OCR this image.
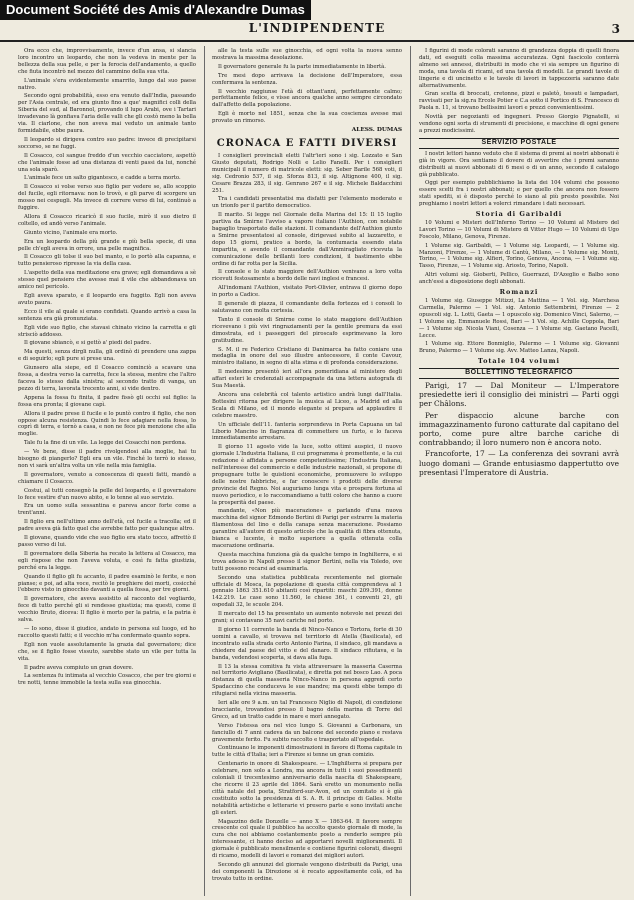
Document Société des Amis d'Alexandre Dumas
L'INDIPENDENTE	3

Ora ecco che, improvvisamente, invece d'un ansa, si slancia loro incontro un leopardo, che non la vedeva in mente per la bellezza della sua pelle, e per la ferocia dell'andamento, a quello che fiuta incontrò nel mezzo del cammino della sua vita.

L'animale s'era evidentemente smarrito, lungo dal suo paese nativo.

Secondo ogni probabilità, esso era venuto dall'India, passando per l'Asia centrale, ed era giunto fino a que' magnifici colli della Siberia del sud, al Baronnol, provando il lupo Arabi, ove i Tartari invadevano là gonfiava l'aria delle valli che gli costò meno la bella via. Il ciarlone, che non aveva mai veduto un animale tanto formidabile, ebbe paura.

Il leopardo si dirigeva contro suo padre: invece di precipitarsi soccorso, se ne fuggi.

Il Cosacco, col sangue freddo d'un vecchio cacciatore, aspettò che l'animale fosse ad una distanza di venti passi da lui, nonché una sola sparò.

L'animale fece un salto gigantesco, e cadde a terra morto.

Il Cosacco si volse verso suo figlio per vedere se, allo scoppio del fucile, egli ritornava: non lo trovò, e gli parve di scorgere un mosso nei cespugli. Ma invece di correre verso di lui, continuò a fuggire.

Allora il Cosacco ricaricò il suo fucile, mirò il suo dietro il coltello, ed andò verso l'animale.

Giunto vicino, l'animale era morto.

Era un leopardo della più grande e più bella specie, di una pelle ch'egli aveva in orrore, una pelle magnifica.

Il Cosacco gli tolse il suo bel manto, e lo portò alla capanna, e tutto pensieroso ripresse la via della casa.

L'aspetto della sua meditazione era grave; egli domandava a sè stesso quel pensiero che avesse mai il vile che abbandonava un amico nel pericolo.

Egli aveva sparato, e il leopardo era fuggito. Egli non aveva avuto paura.

Ecco il vile al quale si erano confidati. Quando arrivò a casa la sentenza era già pronunziata.

Egli vide suo figlio, che stavasi chinato vicino la carretta e gli strisciò addosso.

Il giovane sbiancò, e si gettò a' piedi del padre.

Ma questi, senza dirgli nulla, gli ordinò di prendere una zappa e di seguirlo; egli pure si prese una.

Giunsero alla siepe, ed il Cosacco cominciò a scavare una fossa, a destra verso la carretta, fece la stessa, mentre che l'altro faceva lo stesso dalla sinistra; al secondo tratto di vanga, un pezzo di terra, lavorata trecento anni, si vide dentro.

Appena la fossa fu finita, il padre fissò gli occhi sul figlio: la fossa era pronta; il giovane capì.

Allora il padre prese il fucile e lo puntò contro il figlio, che non oppose alcuna resistenza. Quindi lo fece adagiare nella fossa, lo coprì di terra, e tornò a casa, e non ne fece più menzione che alla moglie.

Tale fu la fine di un vile. La legge dei Cosacchi non perdona.

— Ve bene, disse il padre rivolgendosi alla moglie, hai tu bisogno di piangerlo? Egli era un vile. Finché lo terrò io stesso, non vi sarà un'altra volta un vile nella mia famiglia.

Il governatore, venuto a conoscenza di questi fatti, mandò a chiamare il Cosacco.

Costui, al tutti consegnò la pelle del leopardo, e il governatore lo fece vestire d'un nuovo abito, e lo tenne al suo servizio.

Era un uomo sulla sessantina e pareva ancor forte come a trent'anni.

Il figlio era nell'ultimo anno dell'età, col fucile a tracolla; ed il padre aveva già fatto quel che avrebbe fatto per qualunque altro.

Il giovane, quando vide che suo figlio era stato tocco, affrettò il passo verso di lui.

Il governatore della Siberia ha recato la lettera al Cosacco, ma egli rispose che non l'aveva voluta, e così fu fatta giustizia, perché era la legge.

Quando il figlio gli fu accanto, il padre esaminò le ferite, e non pianse; e poi, ad alta voce, recitò le preghiere dei morti, cosicché l'ebbero visto in ginocchio davanti a quella fossa, per tre giorni.

Il governatore, che aveva assistito al racconto del vegliardo, fece di tutto perché gli si rendesse giustizia; ma questi, come il vecchio Bruto, diceva: Il figlio è morto per la patria, e la patria è salva.

— Io sono, disse il giudice, andato in persona sul luogo, ed ho raccolto questi fatti; e il vecchio m'ha confermato quanto sopra.

Egli non vuole assolutamente la grazia dal governatore; dice che, se il figlio fosse vissuto, sarebbe stato un vile per tutta la vita.

Il padre aveva compiuto un gran dovere.

La sentenza fu intimata al vecchio Cosacco, che per tre giorni e tre notti, tenne immobile la testa sulla sua ginocchia.

alle la testa sulle sue ginocchia, ed ogni volta la nuova senno mostrava la massima desolazione.

Il governatore generale fu la parte immediatamente in libertà.

Tre mesi dopo arrivava la decisione dell'Imperatore, essa confermava la sentenza.

Il vecchio raggiunse l'età di ottant'anni, perfettamente calmo; perfettamente felice, e visse ancora qualche anno sempre circondato dall'affetto della popolazione.

Egli è morto nel 1851, senza che la sua coscienza avesse mai provato un rimorso.

ALESS. DUMAS
CRONACA E FATTI DIVERSI

I consiglieri provinciali eletti l'altr'ieri sono i sig. Lozzato e San Giusto deputati, Rodrigo Nolli e Lelio Fanelli. Per i consiglieri municipali il numero di matricole eletti: sig. Seber Barile 568 voti, il sig. Cedronio 537, il sig. Sforza 813, il sig. Altignone 400, il sig. Cesare Brazza 283, il sig. Genrano 267 e il sig. Michele Baldacchini 251.

Tra i candidati presentatisi ma disfatti per l'elemento moderato e un trionfo per il partito democratico.

Il marito. Si legge nel Giornale della Marina del 15: Il 15 luglio partiva da Smirne l'avviso a vapore italiano l'Authion, con notabile bagaglio trasportato dalle stazioni. Il comandante dell'Authion giunto a Smirne presentatosi al console, dirigevasi subito al lazzaretto, e dopo 15 giorni, pratico a bordo, la contumacia essendo stata impartita, e avendo il comandante dall'Ammiragliato ricevuta la comunicazione delle brillanti loro condizioni, il bastimento ebbe ordine di far rotta per la Sicilia.

Il console e lo stato maggiore dell'Authion venivano a loro volta ricevuti festosamente a bordo delle navi inglesi e francesi.

All'indomani l'Authion, visitato Port-Olivier, entrava il giorno dopo in porto a Cadice.

Il generale di piazza, il comandante della fortezza ed i consoli lo salutavano con molta cortesia.

Tanto il console di Smirne come lo stato maggiore dell'Authion ricevevano i più vivi ringraziamenti per la gentile premura da essi dimostrata, ed i passeggeri del piroscafo esprimevano la loro gratitudine.

S. M. il re Federico Cristiano di Danimarca ha fatto coniare una medaglia in onore del suo illustre antecessore, il conte Cavour, ministro italiano, in segno di alta stima e di profonda considerazione.

Il medesimo presentò ieri all'ora pomeridiana al ministero degli affari esteri le credenziali accompagnate da una lettera autografa di Sua Maestà.

Ancora una celebrità col talento artistico andrà lungi dall'Italia. Bottesini ritorna per dirigere la musica al Liceo, a Madrid ed alla Scala di Milano, ed il mondo elegante si prepara ad applaudire il celebre maestro.

Un ufficiale dell'11. fanteria sorprendeva in Porta Capuana un tal Liborio Mancino in flagranza di commettere un furto, e lo faceva immediatamente arrestare.

Il giorno 11 agosto vide la luce, sotto ottimi auspici, il nuovo giornale L'Industria Italiana, il cui programma è promettente, e la cui redazione è affidata a persone competentissime; l'Industria Italiana, nell'interesse del commercio e delle industrie nazionali, si propone di propugnare tutte le quistioni economiche, promuovere lo sviluppo delle nostre fabbriche, e far conoscere i prodotti delle diverse provincie del Regno. Noi auguriamo lunga vita e prospera fortuna al nuovo periodico, e lo raccomandiamo a tutti coloro che hanno a cuore la prosperità del paese.

mandante, «Non più macerazione» e parlando d'una nuova macchina del signor Edmondo Bertini di Parigi per estrarre la materia filamentosa del lino e della canapa senza macerazione. Possiamo garantire all'autore di questo articolo che la qualità di fibra ottenuta, bianca e lucente, è molto superiore a quella ottenuta colla macerazione ordinaria.

Questa macchina funziona già da qualche tempo in Inghilterra, e si trova adesso in Napoli presso il signor Bertini, nella via Toledo, ove tutti possono recarsi ad esaminarla.

Secondo una statistica pubblicata recentemente nel giornale ufficiale di Mosca, la popolazione di questa città comprendeva al 1 gennaio 1863 351.610 abitanti così ripartiti: maschi 209.391, donne 142.219. Le case sono 11.560, le chiese 361, i conventi 21, gli ospedali 32, le scuole 204.

Il mercato del 15 ha presentato un aumento notevole nei prezzi dei grani; si contavano 35 navi cariche nel porto.

Il giorno 11 corrente la banda di Ninco-Nanco e Tortora, forte di 30 uomini a cavallo, si trovava nel territorio di Atella (Basilicata), ed incontrato sulla strada certo Antonio Farina, il sindaco, gli mandava a chiedere dal paese del vitto e del danaro. Il sindaco rifiutava, e la banda, vedendosi scoperta, si dava alla fuga.

Il 13 la stessa comitiva fu vista attraversare la masseria Caserma nel territorio Avigliano (Basilicata), e diretta poi nel bosco Lao. A poca distanza di quella masseria Ninco-Nanco in persona aggredì certo Spadaccino che conduceva le sue mandre; ma questi ebbe tempo di rifugiarsi nella vicina masseria.

Ieri alle ore 9 a.m. un tal Francesco Niglio di Napoli, di condizione bracciante, trovandosi presso il bagno della marina di Torre del Greco, ad un tratto cadde in mare e morì annegato.

Verso l'istessa ora nel vico lungo S. Giovanni a Carbonara, un fanciullo di 7 anni cadeva da un balcone del secondo piano e restava gravemente ferito. Fu subito raccolto e trasportato all'ospedale.

Continuano le imponenti dimostrazioni in favore di Roma capitale in tutte le città d'Italia; ieri a Firenze si tenne un gran comizio.

Centenario in onore di Shakespeare. — L'Inghilterra si prepara per celebrare, non solo a Londra, ma ancora in tutti i suoi possedimenti coloniali il trecentesimo anniversario della nascita di Shakespeare, che ricorre il 23 aprile del 1864. Sarà eretto un monumento nella città natale del poeta, Stratford-sur-Avon, ed un comitato si è già costituito sotto la presidenza di S. A. R. il principe di Galles. Molte notabilità artistiche e letterarie vi presero parte e sono invitati anche gli esteri.

Magazzino delle Donzelle — anno X — 1863-64. Il favore sempre crescente col quale il pubblico ha accolto questo giornale di mode, la cura che noi abbiamo costantemente posto a renderlo sempre più interessante, ci hanno deciso ad apportarvi novelli miglioramenti. Il giornale è pubblicato mensilmente e contiene figurini colorati, disegni di ricamo, modelli di lavori e romanzi dei migliori autori.

Secondo gli annunzi del giornale vengono distribuiti da Parigi, una dei componenti la Direzione si è recato appositamente colà, ed ha trovato tutto in ordine.

I figurini di mode colorati saranno di grandezza doppia di quelli finora dati, ed eseguiti colla massima accuratezza. Ogni fascicolo conterrà almeno sei annessi, distribuiti in modo che vi sia sempre un figurino di moda, una tavola di ricami, ed una tavola di modelli. Le grandi tavole di lingerie e di uncinetto e le tavole di lavori in tappezzeria saranno date alternativamente.

Gran scelta di broccati, cretonne, pizzi e paletò, tessuti e lampadari, ravvisati per la sig.ra Ercole Potier e C.a sotto il Portico di S. Francesco di Paola n. 11, si trovano bellissimi lavori e prezzi convenientissimi.

Novità per negozianti ed ingegneri. Presso Giorgio Pignatelli, si vendono ogni sorta di strumenti di precisione, e macchine di ogni genere a prezzi modicissimi.

SERVIZIO POSTALE

I nostri lettori hanno veduto che il sistema di premi ai nostri abbonati è già in vigore. Ora sentiamo il dovere di avvertire che i premi saranno distribuiti ai nuovi abbonati di 6 mesi o di un anno, secondo il catalogo già pubblicato.

Oggi per esempio pubblichiamo la lista dei 104 volumi che possono essere scelti fra i nostri abbonati; e per quello che ancora non fossero stati spediti, si è disposto perché lo siano al più presto possibile. Noi preghiamo i nostri lettori a volerci rimandare i dati necessari.

Storia di Garibaldi

10 Volumi e Misteri dell'Inferno Torino — 10 Volumi al Mistero del Lavori Torino — 10 Volumi di Mistero di Vittor Hugo — 10 Volumi di Ugo Foscolo, Milano, Genova, Firenze.

1 Volume sig. Garibaldi, — 1 Volume sig. Leopardi, — 1 Volume sig. Manzoni, Firenze, — 1 Volume di Cantù, Milano, — 1 Volume sig. Monti, Torino, — 1 Volume sig. Alfieri, Torino, Genova, Ancona, — 1 Volume sig. Tasso, Firenze, — 1 Volume sig. Ariosto, Torino, Napoli.

Altri volumi sig. Gioberti, Pellico, Guerrazzi, D'Azeglio e Balbo sono anch'essi a disposizione degli abbonati.

Romanzi

1 Volume sig. Giuseppe Mitizzi, La Mattina — 1 Vol. sig. Marchesa Carmella, Palermo — 1 Vol. sig. Antonio Settembrini, Firenze — 2 opuscoli sig. L. Lotti, Gaeta — 1 opuscolo sig. Domenico Vinci, Salerno, — 1 Volume sig. Emmanuele Rossi, Bari — 1 Vol. sig. Achille Coppola, Bari — 1 Volume sig. Nicola Viani, Cosenza — 1 Volume sig. Gaetano Pacelli, Lecce.

1 Volume sig. Ettore Bonmiglio, Palermo — 1 Volume sig. Giovanni Bruno, Palermo — 1 Volume sig. Avv. Matteo Lanza, Napoli.

Totale 104 volumi
BOLLETTINO TELEGRAFICO

Parigi, 17 — Dal Moniteur — L'Imperatore presiedette ieri il consiglio dei ministri — Parti oggi per Châlons.

Per dispaccio alcune barche con immagazzinamento furono catturate dal capitano del porto, come pure altre barche cariche di contrabbando; il loro numero non è ancora noto.

Francoforte, 17 — La conferenza dei sovrani avrà luogo domani — Grande entusiasmo dappertutto ove presentasi l'Imperatore di Austria.
